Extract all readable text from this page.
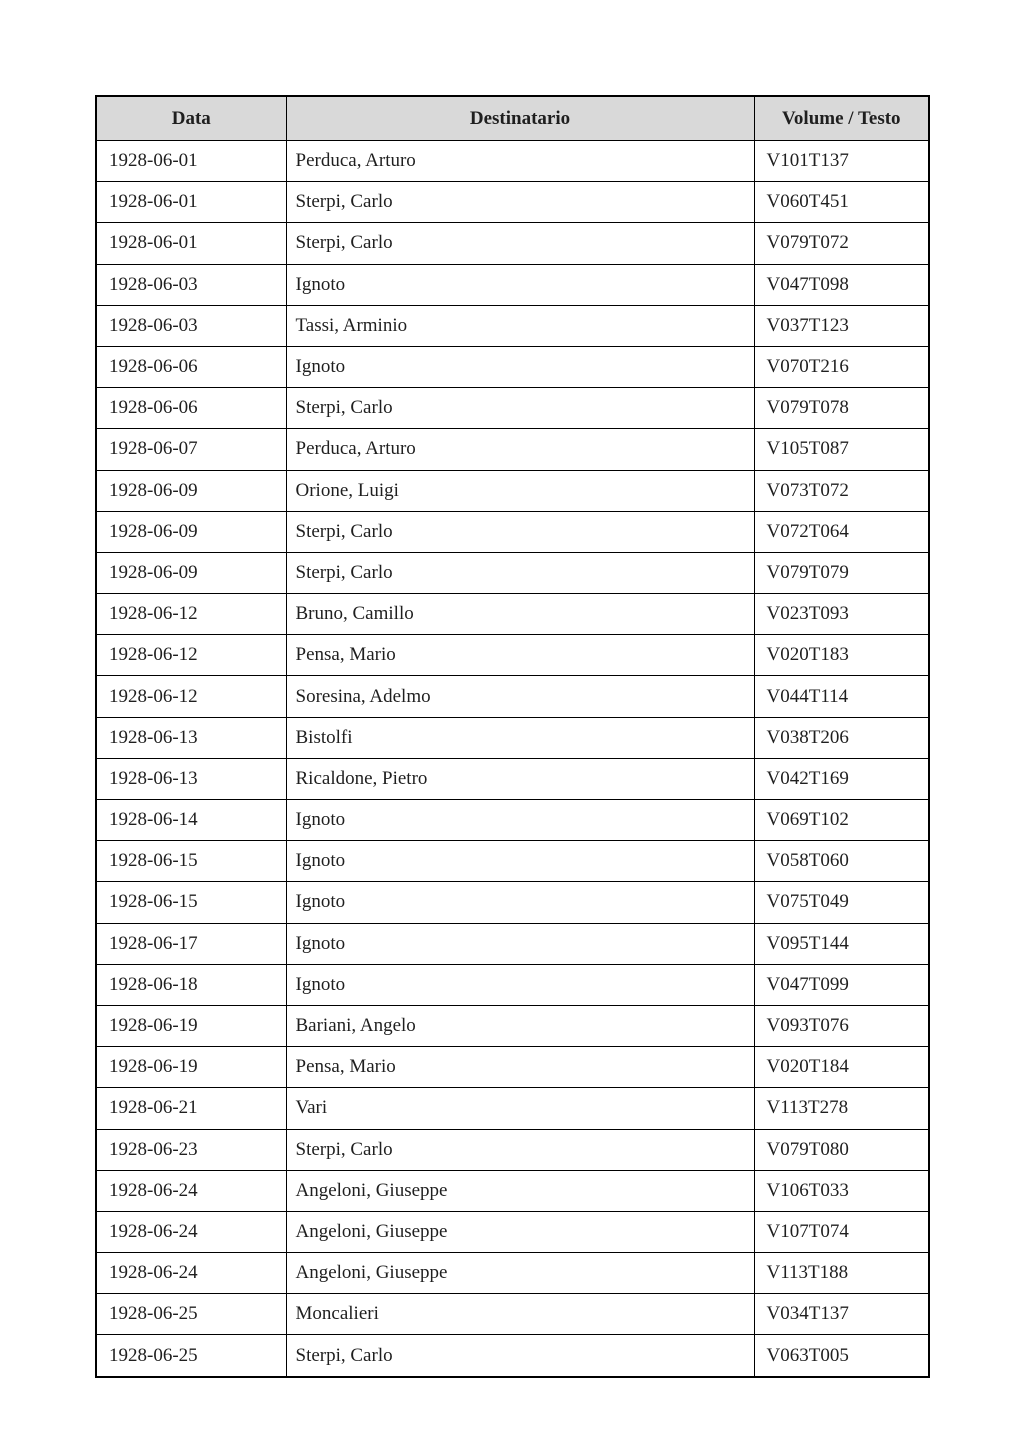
Data	Destinatario	Volume / Testo
1928-06-01	Perduca, Arturo	V101T137
1928-06-01	Sterpi, Carlo	V060T451
1928-06-01	Sterpi, Carlo	V079T072
1928-06-03	Ignoto	V047T098
1928-06-03	Tassi, Arminio	V037T123
1928-06-06	Ignoto	V070T216
1928-06-06	Sterpi, Carlo	V079T078
1928-06-07	Perduca, Arturo	V105T087
1928-06-09	Orione, Luigi	V073T072
1928-06-09	Sterpi, Carlo	V072T064
1928-06-09	Sterpi, Carlo	V079T079
1928-06-12	Bruno, Camillo	V023T093
1928-06-12	Pensa, Mario	V020T183
1928-06-12	Soresina, Adelmo	V044T114
1928-06-13	Bistolfi	V038T206
1928-06-13	Ricaldone, Pietro	V042T169
1928-06-14	Ignoto	V069T102
1928-06-15	Ignoto	V058T060
1928-06-15	Ignoto	V075T049
1928-06-17	Ignoto	V095T144
1928-06-18	Ignoto	V047T099
1928-06-19	Bariani, Angelo	V093T076
1928-06-19	Pensa, Mario	V020T184
1928-06-21	Vari	V113T278
1928-06-23	Sterpi, Carlo	V079T080
1928-06-24	Angeloni, Giuseppe	V106T033
1928-06-24	Angeloni, Giuseppe	V107T074
1928-06-24	Angeloni, Giuseppe	V113T188
1928-06-25	Moncalieri	V034T137
1928-06-25	Sterpi, Carlo	V063T005
